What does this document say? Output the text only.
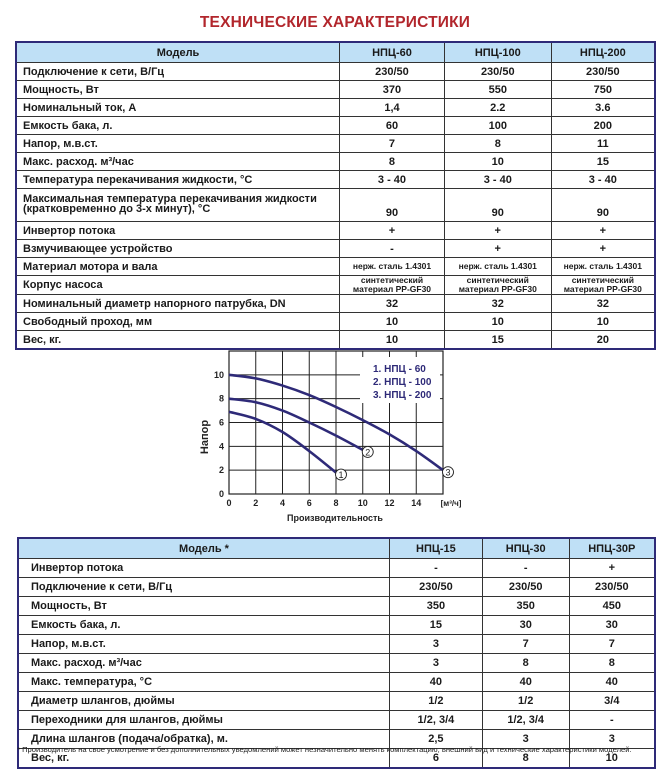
ТЕХНИЧЕСКИЕ ХАРАКТЕРИСТИКИ
Модель	НПЦ-60	НПЦ-100	НПЦ-200
Подключение к сети, В/Гц	230/50	230/50	230/50
Мощность, Вт	370	550	750
Номинальный ток, А	1,4	2.2	3.6
Емкость бака, л.	60	100	200
Напор, м.в.ст.	7	8	11
Макс. расход. м³/час	8	10	15
Температура перекачивания жидкости, °С	3 - 40	3 - 40	3 - 40
Максимальная температура перекачивания жидкости (кратковременно до 3-х минут), °С	90	90	90
Инвертор потока	+	+	+
Взмучивающее устройство	-	+	+
Материал мотора и вала	нерж. сталь 1.4301	нерж. сталь 1.4301	нерж. сталь 1.4301
Корпус насоса	синтетический материал PP-GF30	синтетический материал PP-GF30	синтетический материал PP-GF30
Номинальный диаметр напорного патрубка, DN	32	32	32
Свободный проход, мм	10	10	10
Вес, кг.	10	15	20
0 2 4 6 8 10 12 14
0
2
4
6
8
10
1
2
3
1. НПЦ - 60
2. НПЦ - 100
3. НПЦ - 200
Производительность
Напор
[м³/ч]
Модель *	НПЦ-15	НПЦ-30	НПЦ-30Р
Инвертор потока	-	-	+
Подключение к сети, В/Гц	230/50	230/50	230/50
Мощность, Вт	350	350	450
Емкость бака, л.	15	30	30
Напор, м.в.ст.	3	7	7
Макс. расход. м³/час	3	8	8
Макс. температура, °С	40	40	40
Диаметр шлангов, дюймы	1/2	1/2	3/4
Переходники для шлангов, дюймы	1/2, 3/4	1/2, 3/4	-
Длина шлангов (подача/обратка), м.	2,5	3	3
Вес, кг.	6	8	10
* Производитель на свое усмотрение и без дополнительных уведомлений может незначительно менять комплектацию, внешний вид и технические характеристики моделей.
